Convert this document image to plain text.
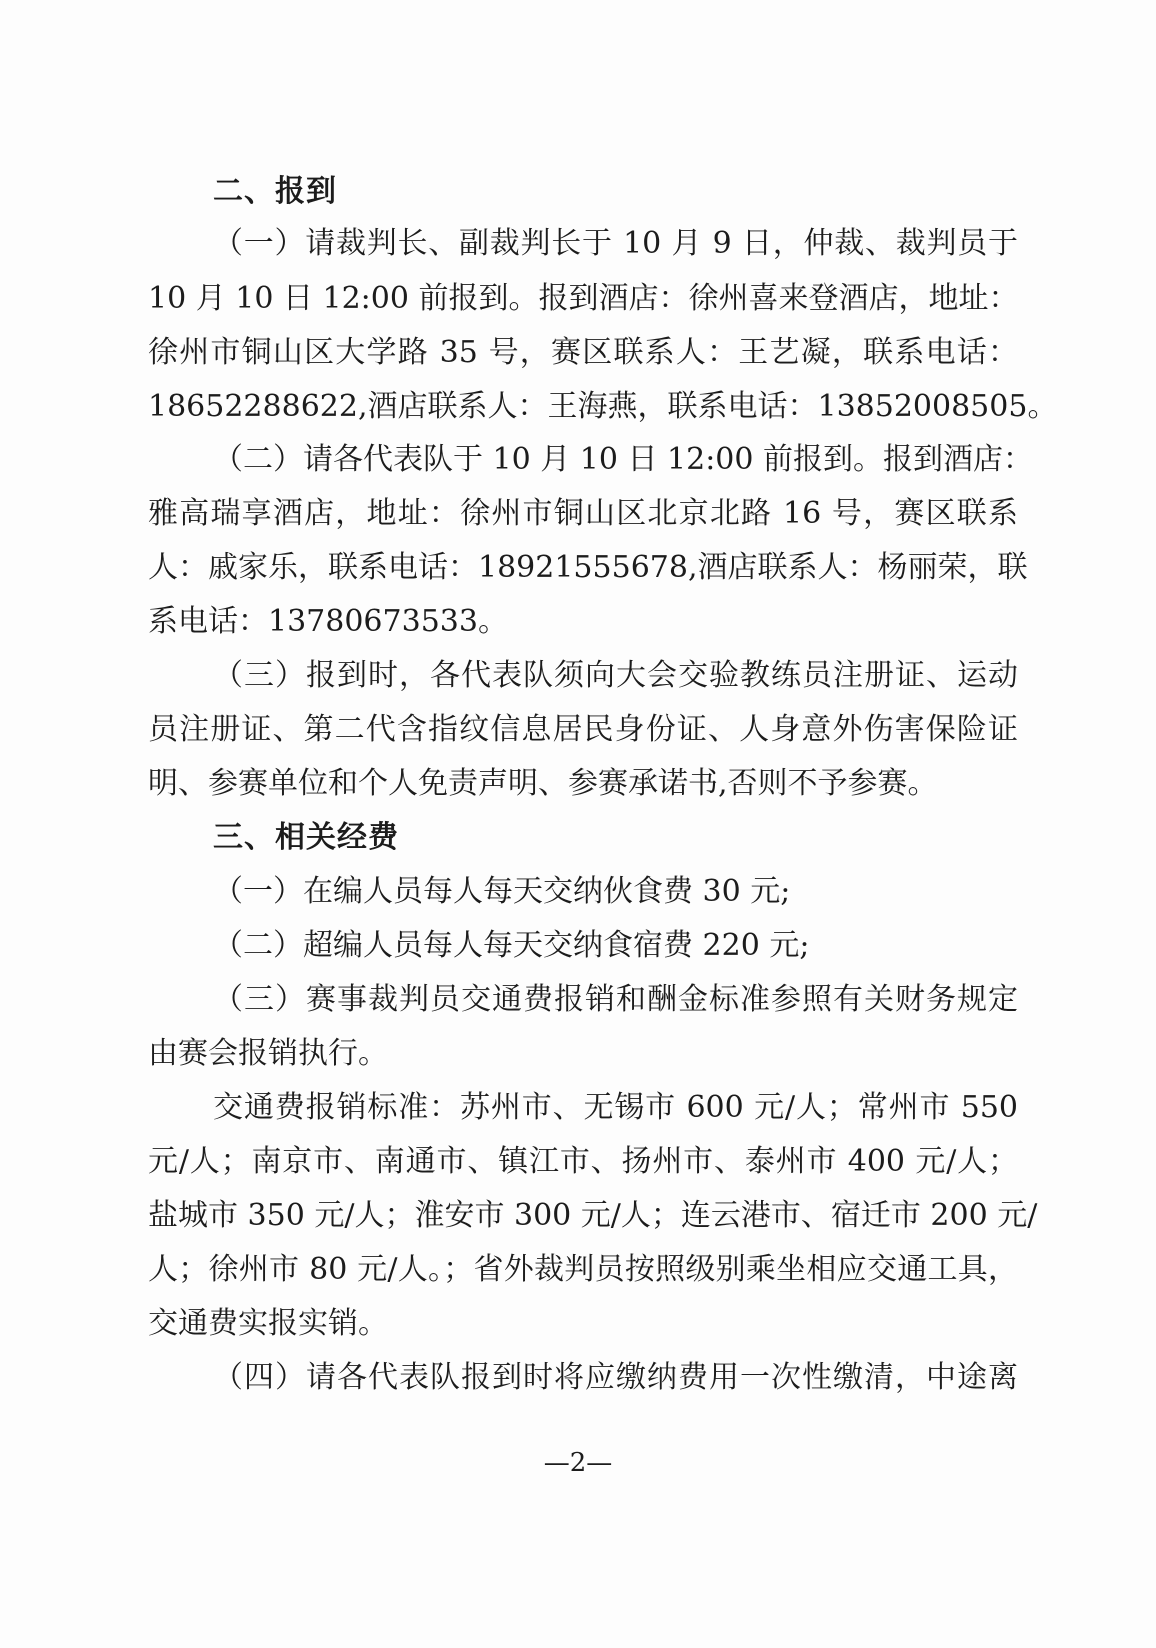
二、报到
（一）请裁判长、副裁判长于 10 月 9 日，仲裁、裁判员于
10 月 10 日 12:00 前报到。报到酒店：徐州喜来登酒店，地址：
徐州市铜山区大学路 35 号，赛区联系人：王艺凝，联系电话：
18652288622,酒店联系人：王海燕，联系电话：13852008505。
（二）请各代表队于 10 月 10 日 12:00 前报到。报到酒店：
雅高瑞享酒店，地址：徐州市铜山区北京北路 16 号，赛区联系
人：戚家乐，联系电话：18921555678,酒店联系人：杨丽荣，联
系电话：13780673533。
（三）报到时，各代表队须向大会交验教练员注册证、运动
员注册证、第二代含指纹信息居民身份证、人身意外伤害保险证
明、参赛单位和个人免责声明、参赛承诺书,否则不予参赛。
三、相关经费
（一）在编人员每人每天交纳伙食费 30 元;
（二）超编人员每人每天交纳食宿费 220 元;
（三）赛事裁判员交通费报销和酬金标准参照有关财务规定
由赛会报销执行。
交通费报销标准：苏州市、无锡市 600 元/人；常州市 550
元/人；南京市、南通市、镇江市、扬州市、泰州市 400 元/人；
盐城市 350 元/人；淮安市 300 元/人；连云港市、宿迁市 200 元/
人；徐州市 80 元/人。；省外裁判员按照级别乘坐相应交通工具，
交通费实报实销。
（四）请各代表队报到时将应缴纳费用一次性缴清，中途离
—2—
